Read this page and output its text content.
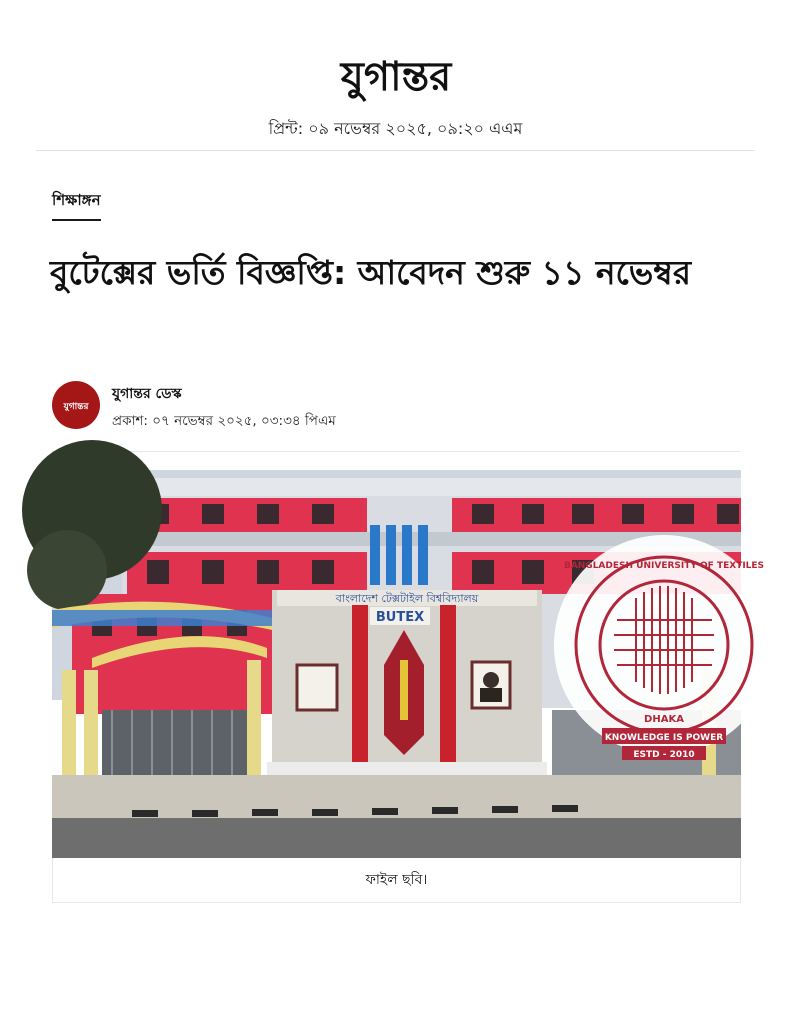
যুগান্তর
প্রিন্ট: ০৯ নভেম্বর ২০২৫, ০৯:২০ এএম
শিক্ষাঙ্গন
বুটেক্সের ভর্তি বিজ্ঞপ্তি: আবেদন শুরু ১১ নভেম্বর
যুগান্তর
যুগান্তর ডেস্ক
প্রকাশ: ০৭ নভেম্বর ২০২৫, ০৩:৩৪ পিএম
বাংলাদেশ টেক্সটাইল বিশ্ববিদ্যালয়
BUTEX
BANGLADESH UNIVERSITY OF TEXTILES
DHAKA
KNOWLEDGE IS POWER
ESTD - 2010
ফাইল ছবি।
